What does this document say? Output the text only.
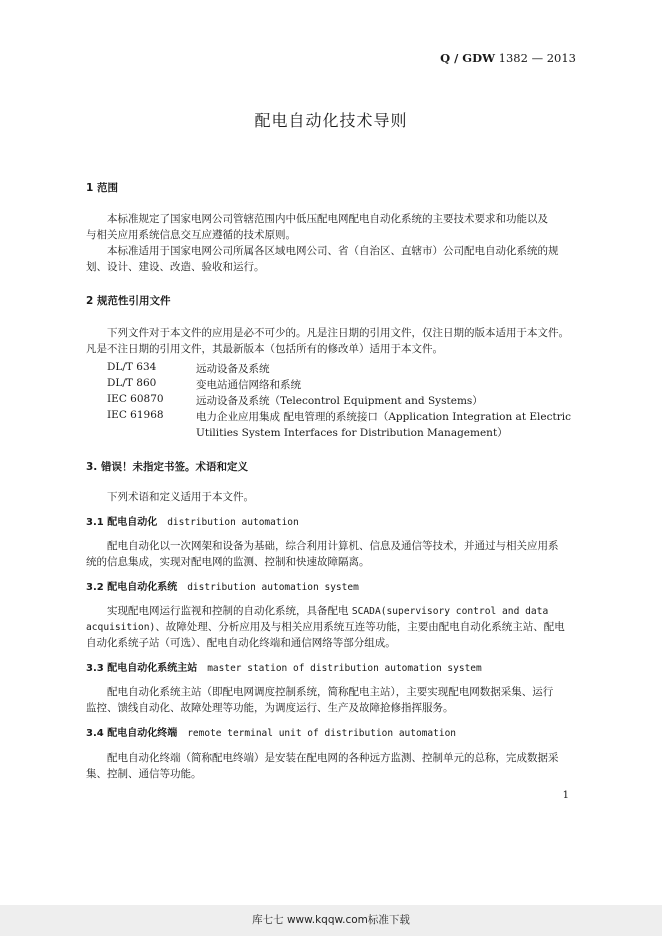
Q / GDW 1382 — 2013
配电自动化技术导则
1 范围
本标准规定了国家电网公司管辖范围内中低压配电网配电自动化系统的主要技术要求和功能以及
与相关应用系统信息交互应遵循的技术原则。
本标准适用于国家电网公司所属各区域电网公司、省（自治区、直辖市）公司配电自动化系统的规
划、设计、建设、改造、验收和运行。
2 规范性引用文件
下列文件对于本文件的应用是必不可少的。凡是注日期的引用文件，仅注日期的版本适用于本文件。
凡是不注日期的引用文件，其最新版本（包括所有的修改单）适用于本文件。
DL/T 634	远动设备及系统
DL/T 860	变电站通信网络和系统
IEC 60870	远动设备及系统（Telecontrol Equipment and Systems）
IEC 61968	电力企业应用集成 配电管理的系统接口（Application Integration at Electric
Utilities System Interfaces for Distribution Management）
3. 错误！未指定书签。术语和定义
下列术语和定义适用于本文件。
3.1 配电自动化 distribution automation
配电自动化以一次网架和设备为基础，综合利用计算机、信息及通信等技术，并通过与相关应用系
统的信息集成，实现对配电网的监测、控制和快速故障隔离。
3.2 配电自动化系统 distribution automation system
实现配电网运行监视和控制的自动化系统，具备配电 SCADA(supervisory control and data
acquisition)、故障处理、分析应用及与相关应用系统互连等功能，主要由配电自动化系统主站、配电
自动化系统子站（可选）、配电自动化终端和通信网络等部分组成。
3.3 配电自动化系统主站 master station of distribution automation system
配电自动化系统主站（即配电网调度控制系统，简称配电主站），主要实现配电网数据采集、运行
监控、馈线自动化、故障处理等功能，为调度运行、生产及故障抢修指挥服务。
3.4 配电自动化终端 remote terminal unit of distribution automation
配电自动化终端（简称配电终端）是安装在配电网的各种远方监测、控制单元的总称，完成数据采
集、控制、通信等功能。
1
库七七 www.kqqw.com标准下载
